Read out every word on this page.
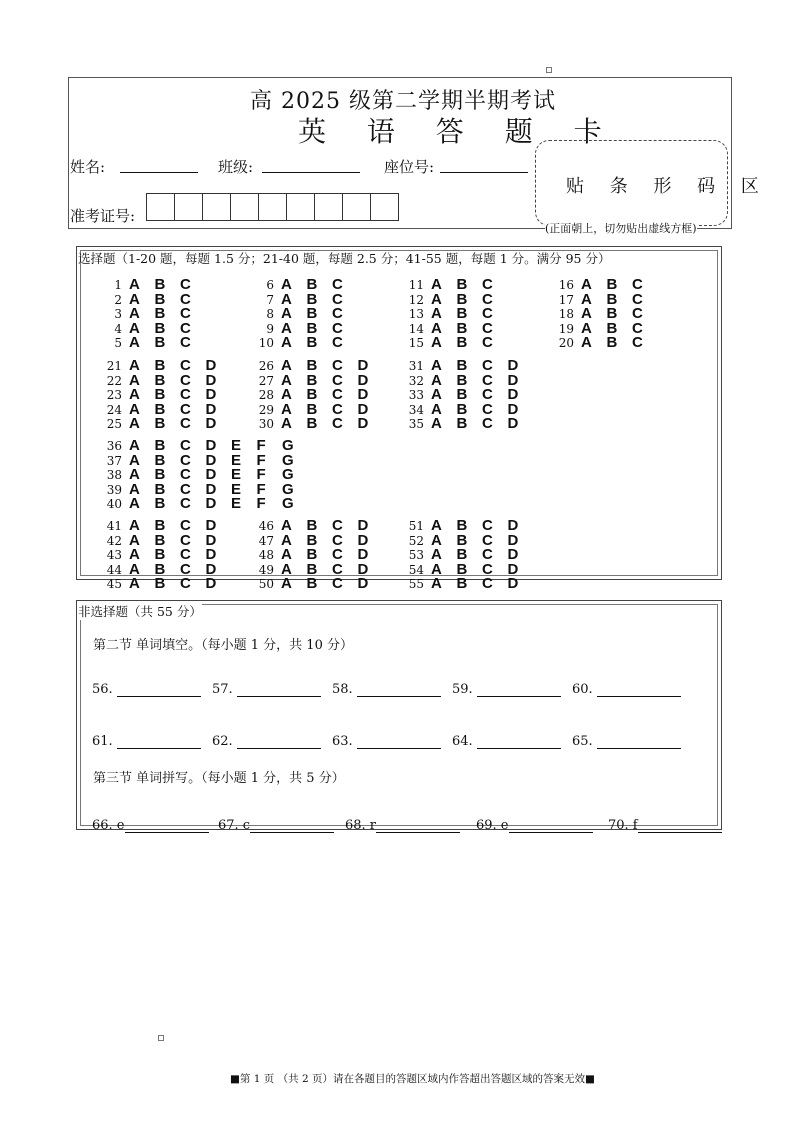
高 2025 级第二学期半期考试
英 语 答 题 卡
姓名:	班级:	座位号:
准考证号:
贴 条 形 码 区
(正面朝上，切勿贴出虚线方框)
选择题（1-20 题，每题 1.5 分；21-40 题，每题 2.5 分；41-55 题，每题 1 分。满分 95 分）
1 A B C
2 A B C
3 A B C
4 A B C
5 A B C
6 A B C
7 A B C
8 A B C
9 A B C
10 A B C
11 A B C
12 A B C
13 A B C
14 A B C
15 A B C
16 A B C
17 A B C
18 A B C
19 A B C
20 A B C
21 A B C D
22 A B C D
23 A B C D
24 A B C D
25 A B C D
26 A B C D
27 A B C D
28 A B C D
29 A B C D
30 A B C D
31 A B C D
32 A B C D
33 A B C D
34 A B C D
35 A B C D
36 A B C D E F G
37 A B C D E F G
38 A B C D E F G
39 A B C D E F G
40 A B C D E F G
41 A B C D
42 A B C D
43 A B C D
44 A B C D
45 A B C D
46 A B C D
47 A B C D
48 A B C D
49 A B C D
50 A B C D
51 A B C D
52 A B C D
53 A B C D
54 A B C D
55 A B C D
非选择题（共 55 分）
第二节 单词填空。（每小题 1 分，共 10 分）
第三节 单词拼写。（每小题 1 分，共 5 分）
56.	57.	58.	59.	60.
61.	62.	63.	64.	65.
66. e	67. c	68. r	69. e	70. f
■第 1 页 （共 2 页）请在各题目的答题区域内作答超出答题区域的答案无效■
